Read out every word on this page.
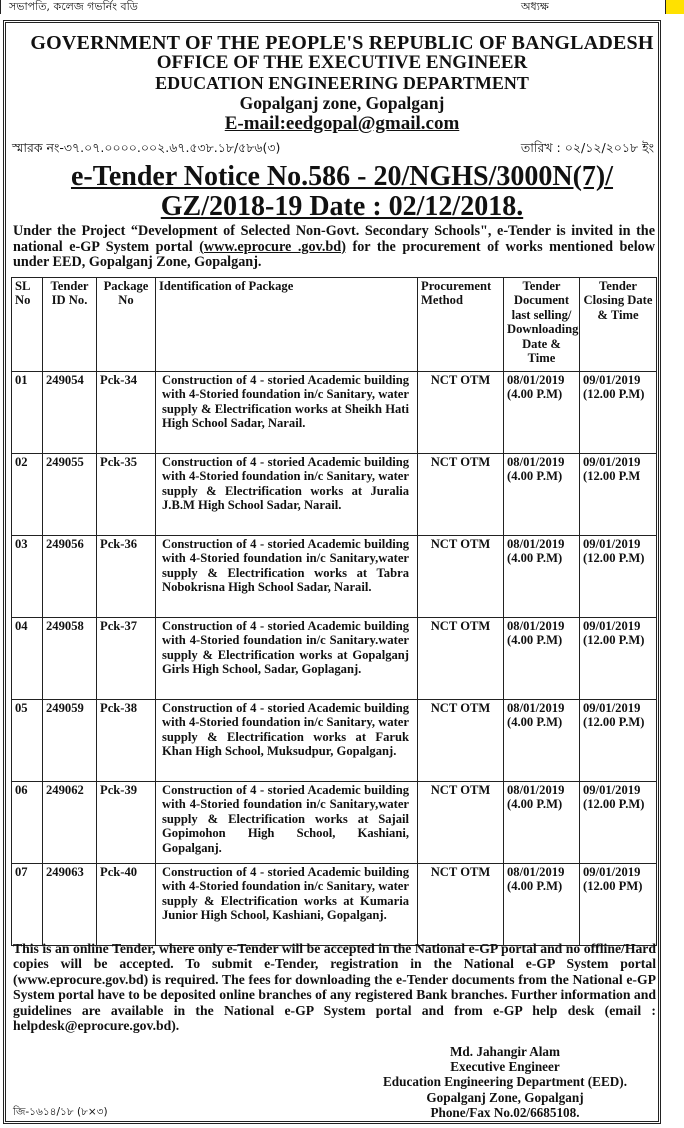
সভাপতি, কলেজ গভর্নিং বডি	অধ্যক্ষ
GOVERNMENT OF THE PEOPLE'S REPUBLIC OF BANGLADESH
OFFICE OF THE EXECUTIVE ENGINEER
EDUCATION ENGINEERING DEPARTMENT
Gopalganj zone, Gopalganj
E-mail:eedgopal@gmail.com
স্মারক নং-৩৭.০৭.০০০০.০০২.৬৭.৫৩৮.১৮/৫৮৬(৩)	তারিখ : ০২/১২/২০১৮ ইং
e-Tender Notice No.586 - 20/NGHS/3000N(7)/
GZ/2018-19 Date : 02/12/2018.
Under the Project “Development of Selected Non-Govt. Secondary Schools", e-Tender is invited in the national e-GP System portal (www.eprocure .gov.bd) for the procurement of works mentioned below under EED, Gopalganj Zone, Gopalganj.
SL No	Tender ID No.	Package No	Identification of Package	Procurement Method	Tender Document last selling/ Downloading Date & Time	Tender Closing Date & Time
01	249054	Pck-34	Construction of 4 - storied Academic building with 4-Storied foundation in/c Sanitary, water supply & Electrification works at Sheikh Hati High School Sadar, Narail.	NCT OTM	08/01/2019 (4.00 P.M)	09/01/2019 (12.00 P.M)
02	249055	Pck-35	Construction of 4 - storied Academic building with 4-Storied foundation in/c Sanitary, water supply & Electrification works at Juralia J.B.M High School Sadar, Narail.	NCT OTM	08/01/2019 (4.00 P.M)	09/01/2019 (12.00 P.M
03	249056	Pck-36	Construction of 4 - storied Academic building with 4-Storied foundation in/c Sanitary,water supply & Electrification works at Tabra Nobokrisna High School Sadar, Narail.	NCT OTM	08/01/2019 (4.00 P.M)	09/01/2019 (12.00 P.M)
04	249058	Pck-37	Construction of 4 - storied Academic building with 4-Storied foundation in/c Sanitary.water supply & Electrification works at Gopalganj Girls High School, Sadar, Goplaganj.	NCT OTM	08/01/2019 (4.00 P.M)	09/01/2019 (12.00 P.M)
05	249059	Pck-38	Construction of 4 - storied Academic building with 4-Storied foundation in/c Sanitary, water supply & Electrification works at Faruk Khan High School, Muksudpur, Gopalganj.	NCT OTM	08/01/2019 (4.00 P.M)	09/01/2019 (12.00 P.M)
06	249062	Pck-39	Construction of 4 - storied Academic building with 4-Storied foundation in/c Sanitary,water supply & Electrification works at Sajail Gopimohon High School, Kashiani, Gopalganj.	NCT OTM	08/01/2019 (4.00 P.M)	09/01/2019 (12.00 P.M)
07	249063	Pck-40	Construction of 4 - storied Academic building with 4-Storied foundation in/c Sanitary, water supply & Electrification works at Kumaria Junior High School, Kashiani, Gopalganj.	NCT OTM	08/01/2019 (4.00 P.M)	09/01/2019 (12.00 PM)
This is an online Tender, where only e-Tender will be accepted in the National e-GP portal and no offline/Hard copies will be accepted. To submit e-Tender, registration in the National e-GP System portal (www.eprocure.gov.bd) is required. The fees for downloading the e-Tender documents from the National e-GP System portal have to be deposited online branches of any registered Bank branches. Further information and guidelines are available in the National e-GP System portal and from e-GP help desk (email : helpdesk@eprocure.gov.bd).
Md. Jahangir Alam
Executive Engineer
Education Engineering Department (EED).
Gopalganj Zone, Gopalganj
Phone/Fax No.02/6685108.
জি-১৬১৪/১৮ (৮×৩)
